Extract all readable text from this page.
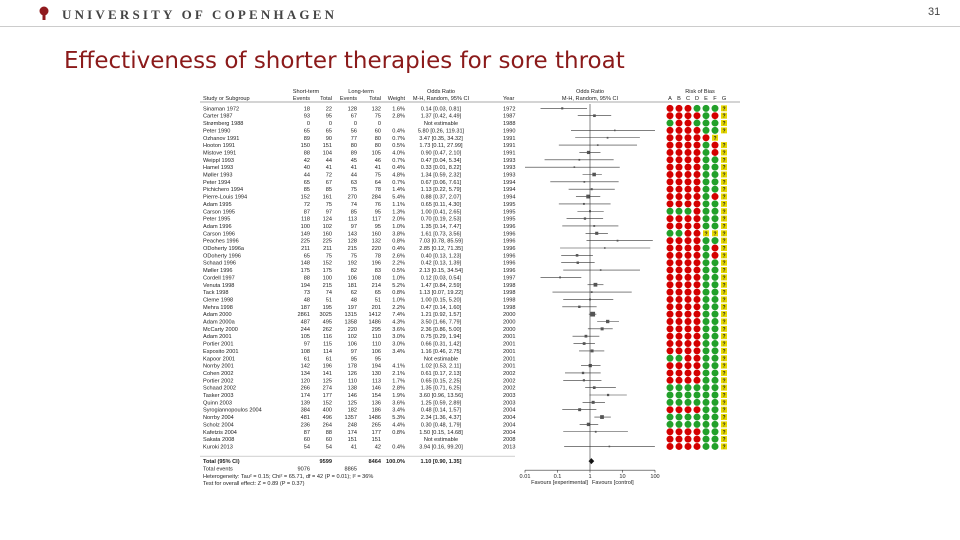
UNIVERSITY OF COPENHAGEN	31
Effectiveness of shorter therapies for sore throat
Short-term	Long-term	Odds Ratio	Odds Ratio	Risk of Bias
Study or Subgroup	Events Total Events Total Weight M-H, Random, 95% CI	Year	M-H, Random, 95% CI	A B C D E F G
Sinaman 1972	18	22	128	132 1.6%	0.14 [0.03, 0.81]	1972	?
Carter 1987	93	95	67	75 2.8%	1.37 [0.42, 4.49]	1987	?
Strømberg 1988	0	0	0	0	Not estimable	1988	?
Peter 1990	65	65	56	60 0.4% 5.80 [0.26, 119.31]	1990	?
Ozhanov 1991	89	90	77	80 0.7%	3.47 [0.35, 34.32]	1991	?
Hooton 1991	150 151	80	80 0.5%	1.73 [0.11, 27.99]	1991	?
Mistove 1991	88 104	89	105 4.0%	0.90 [0.47, 2.10]	1991	?
Weippl 1993	42	44	45	46 0.7%	0.47 [0.04, 5.34]	1993	?
Hamel 1993	40	41	41	41 0.4%	0.33 [0.01, 8.22]	1993	?
Møller 1993	44	72	44	75 4.8%	1.34 [0.59, 2.32]	1993	?
Peter 1994	65	67	63	64 0.7%	0.67 [0.06, 7.61]	1994	?
Pichichero 1994	85	85	75	78 1.4%	1.13 [0.22, 5.79]	1994	?
Pierre-Louis 1994	152 161	270	284 5.4%	0.88 [0.37, 2.07]	1994	?
Adam 1995	72	75	74	76 1.1%	0.65 [0.11, 4.30]	1995	?
Carson 1995	87	97	85	95 1.3%	1.00 [0.41, 2.65]	1995	?
Peter 1995	118 124	113	117 2.0%	0.70 [0.19, 2.53]	1995	?
Adam 1996	100 102	97	95 1.0%	1.35 [0.14, 7.47]	1996	?
Carson 1996	149 160	143	160 3.8%	1.61 [0.73, 3.56]	1996	? ? ?
Peaches 1996	225 225	128	132 0.8%	7.03 [0.78, 85.59]	1996	?
ODoherty 1996a	211 211	215	220 0.4%	2.85 [0.12, 71.35]	1996	?
ODoherty 1996	65	75	75	78 2.6%	0.40 [0.13, 1.23]	1996	?
Schaad 1996	148 152	192	196 2.2%	0.42 [0.13, 1.39]	1996	?
Møller 1996	175 175	82	83 0.5%	2.13 [0.15, 34.54]	1996	?
Cordell 1997	88 100	106	108 1.0%	0.12 [0.03, 0.54]	1997	?
Venuta 1998	194 215	181	214 5.2%	1.47 [0.84, 2.59]	1998	?
Tack 1998	73	74	62	65 0.8%	1.13 [0.07, 19.22]	1998	?
Cleme 1998	48	51	48	51 1.0%	1.00 [0.15, 5.20]	1998	?
Mehra 1998	187 195	197	201 2.2%	0.47 [0.14, 1.60]	1998	?
Adam 2000	2861 3025 1315 1412 7.4%	1.21 [0.92, 1.57]	2000	?
Adam 2000a	487 495 1358 1486 4.3%	3.50 [1.66, 7.79]	2000	?
McCarty 2000	244 262	220	295 3.6%	2.36 [0.86, 5.00]	2000	?
Adam 2001	105 116	102	110 3.0%	0.75 [0.29, 1.94]	2001	?
Portier 2001	97 115	106	110 3.0%	0.66 [0.31, 1.42]	2001	?
Esposito 2001	108 114	97	106 3.4%	1.16 [0.46, 2.75]	2001	?
Kapoor 2001	61	61	95	95	Not estimable	2001	?
Norrby 2001	142 196	178	194 4.1%	1.02 [0.53, 2.11]	2001	?
Cohen 2002	134 141	126	130 2.1%	0.61 [0.17, 2.13]	2002	?
Portier 2002	120 125	110	113 1.7%	0.65 [0.15, 2.25]	2002	?
Schaad 2002	266 274	138	146 2.8%	1.35 [0.71, 6.25]	2002	?
Tasker 2003	174 177	146	154 1.9%	3.60 [0.96, 13.56]	2003	?
Quinn 2003	139 152	125	136 3.6%	1.25 [0.59, 2.89]	2003	?
Syrogiannopoulos 2004	384 400	182	186 3.4%	0.48 [0.14, 1.57]	2004	?
Norrby 2004	481 496 1357 1486 5.3%	2.34 [1.36, 4.37]	2004	?
Scholz 2004	236 264	248	265 4.4%	0.30 [0.48, 1.79]	2004	?
Kafetzis 2004	87	88	174	177 0.8%	1.50 [0.15, 14.68]	2004	?
Sakata 2008	60	60	151	151	Not estimable	2008	?
Kuroki 2013	54	54	41	42 0.4%	3.94 [0.16, 99.20]	2013	?
Total (95% CI)	9599	8464 100.0%	1.10 [0.90, 1.35]
Total events	9076	8865
Heterogeneity: Tau² = 0.15; Chi² = 65.71, df = 42 (P = 0.01); I² = 36%
Test for overall effect: Z = 0.89 (P = 0.37)
0.01	0.1	1	10	100
Favours [experimental] Favours [control]
